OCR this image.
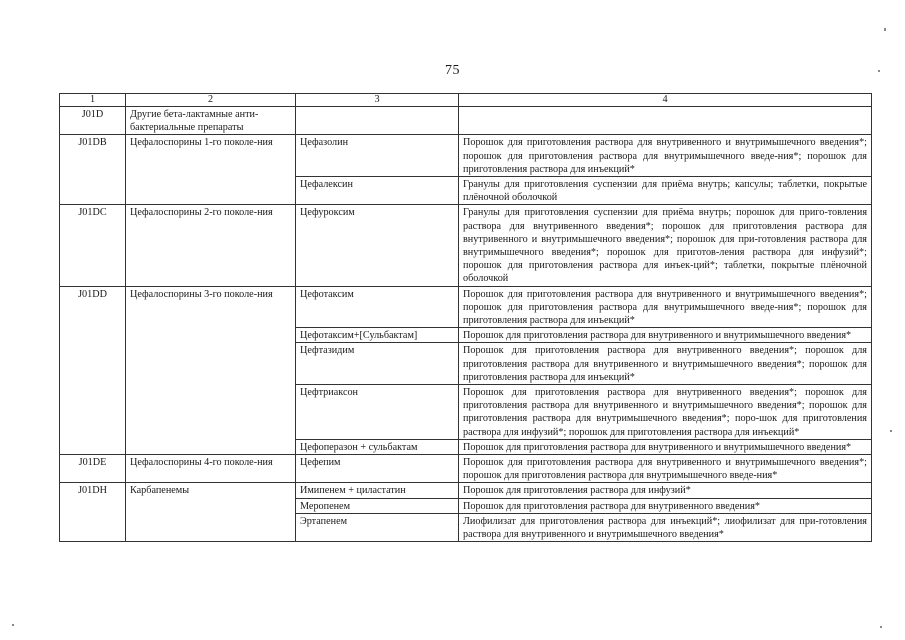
75
1	2	3	4
J01D	Другие бета-лактамные анти-бактериальные препараты		
J01DB	Цефалоспорины 1-го поколе-ния	Цефазолин	Порошок для приготовления раствора для внутривенного и внутримышечного введения*; порошок для приготовления раствора для внутримышечного введе-ния*; порошок для приготовления раствора для инъекций*
		Цефалексин	Гранулы для приготовления суспензии для приёма внутрь; капсулы; таблетки, покрытые плёночной оболочкой
J01DC	Цефалоспорины 2-го поколе-ния	Цефуроксим	Гранулы для приготовления суспензии для приёма внутрь; порошок для приго-товления раствора для внутривенного введения*; порошок для приготовления раствора для внутривенного и внутримышечного введения*; порошок для при-готовления раствора для внутримышечного введения*; порошок для приготов-ления раствора для инфузий*; порошок для приготовления раствора для инъек-ций*; таблетки, покрытые плёночной оболочкой
J01DD	Цефалоспорины 3-го поколе-ния	Цефотаксим	Порошок для приготовления раствора для внутривенного и внутримышечного введения*; порошок для приготовления раствора для внутримышечного введе-ния*; порошок для приготовления раствора для инъекций*
		Цефотаксим+[Сульбактам]	Порошок для приготовления раствора для внутривенного и внутримышечного введения*
		Цефтазидим	Порошок для приготовления раствора для внутривенного введения*; порошок для приготовления раствора для внутривенного и внутримышечного введения*; порошок для приготовления раствора для инъекций*
		Цефтриаксон	Порошок для приготовления раствора для внутривенного введения*; порошок для приготовления раствора для внутривенного и внутримышечного введения*; порошок для приготовления раствора для внутримышечного введения*; поро-шок для приготовления раствора для инфузий*; порошок для приготовления раствора для инъекций*
		Цефоперазон + сульбактам	Порошок для приготовления раствора для внутривенного и внутримышечного введения*
J01DE	Цефалоспорины 4-го поколе-ния	Цефепим	Порошок для приготовления раствора для внутривенного и внутримышечного введения*; порошок для приготовления раствора для внутримышечного введе-ния*
J01DH	Карбапенемы	Имипенем + циластатин	Порошок для приготовления раствора для инфузий*
		Меропенем	Порошок для приготовления раствора для внутривенного введения*
		Эртапенем	Лиофилизат для приготовления раствора для инъекций*; лиофилизат для при-готовления раствора для внутривенного и внутримышечного введения*
